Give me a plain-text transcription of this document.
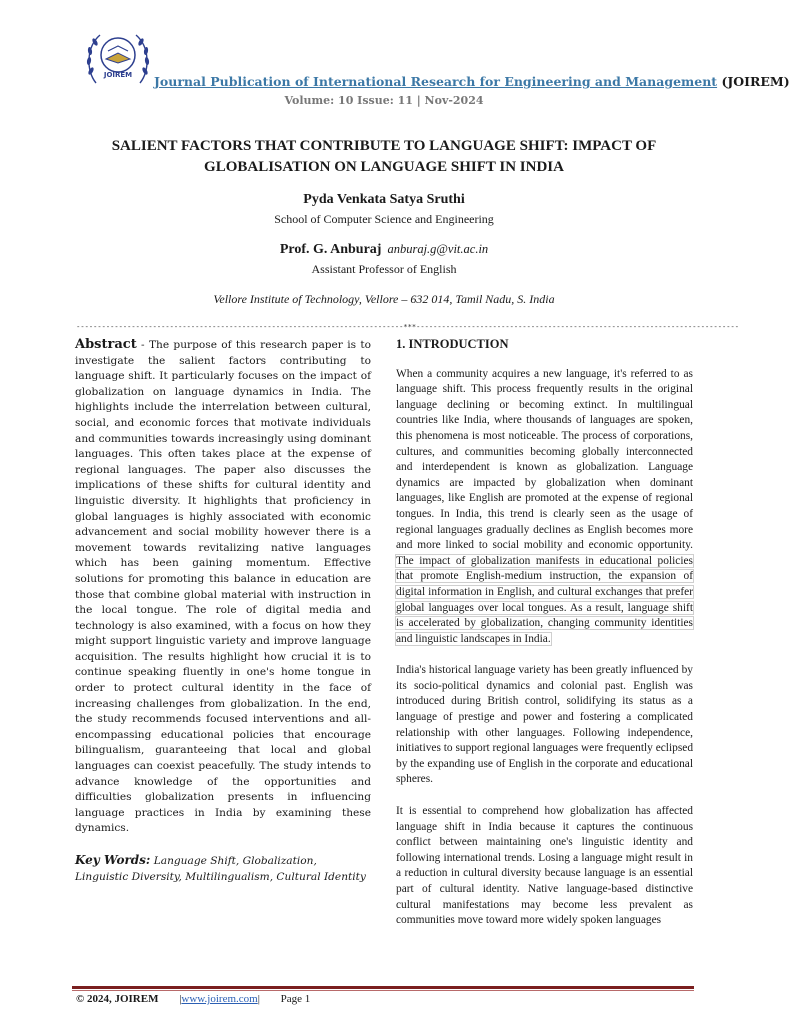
JOIREM Journal Publication of International Research for Engineering and Management (JOIREM)
Volume: 10 Issue: 11 | Nov-2024
SALIENT FACTORS THAT CONTRIBUTE TO LANGUAGE SHIFT: IMPACT OF GLOBALISATION ON LANGUAGE SHIFT IN INDIA
Pyda Venkata Satya Sruthi
School of Computer Science and Engineering
Prof. G. Anburaj anburaj.g@vit.ac.in
Assistant Professor of English
Vellore Institute of Technology, Vellore – 632 014, Tamil Nadu, S. India
-----------------------------------------------------------------------------***----------------------------------------------------------------------------
Abstract - The purpose of this research paper is to investigate the salient factors contributing to language shift. It particularly focuses on the impact of globalization on language dynamics in India. The highlights include the interrelation between cultural, social, and economic forces that motivate individuals and communities towards increasingly using dominant languages. This often takes place at the expense of regional languages. The paper also discusses the implications of these shifts for cultural identity and linguistic diversity. It highlights that proficiency in global languages is highly associated with economic advancement and social mobility however there is a movement towards revitalizing native languages which has been gaining momentum. Effective solutions for promoting this balance in education are those that combine global material with instruction in the local tongue. The role of digital media and technology is also examined, with a focus on how they might support linguistic variety and improve language acquisition. The results highlight how crucial it is to continue speaking fluently in one's home tongue in order to protect cultural identity in the face of increasing challenges from globalization. In the end, the study recommends focused interventions and all-encompassing educational policies that encourage bilingualism, guaranteeing that local and global languages can coexist peacefully. The study intends to advance knowledge of the opportunities and difficulties globalization presents in influencing language practices in India by examining these dynamics.
Key Words: Language Shift, Globalization, Linguistic Diversity, Multilingualism, Cultural Identity
1. INTRODUCTION

When a community acquires a new language, it's referred to as language shift. This process frequently results in the original language declining or becoming extinct. In multilingual countries like India, where thousands of languages are spoken, this phenomena is most noticeable. The process of corporations, cultures, and communities becoming globally interconnected and interdependent is known as globalization. Language dynamics are impacted by globalization when dominant languages, like English are promoted at the expense of regional tongues. In India, this trend is clearly seen as the usage of regional languages gradually declines as English becomes more and more linked to social mobility and economic opportunity. The impact of globalization manifests in educational policies that promote English-medium instruction, the expansion of digital information in English, and cultural exchanges that prefer global languages over local tongues. As a result, language shift is accelerated by globalization, changing community identities and linguistic landscapes in India.

India's historical language variety has been greatly influenced by its socio-political dynamics and colonial past. English was introduced during British control, solidifying its status as a language of prestige and power and fostering a complicated relationship with other languages. Following independence, initiatives to support regional languages were frequently eclipsed by the expanding use of English in the corporate and educational spheres.

It is essential to comprehend how globalization has affected language shift in India because it captures the continuous conflict between maintaining one's linguistic identity and following international trends. Losing a language might result in a reduction in cultural diversity because language is an essential part of cultural identity. Native language-based distinctive cultural manifestations may become less prevalent as communities move toward more widely spoken languages

© 2024, JOIREM |www.joirem.com| Page 1
